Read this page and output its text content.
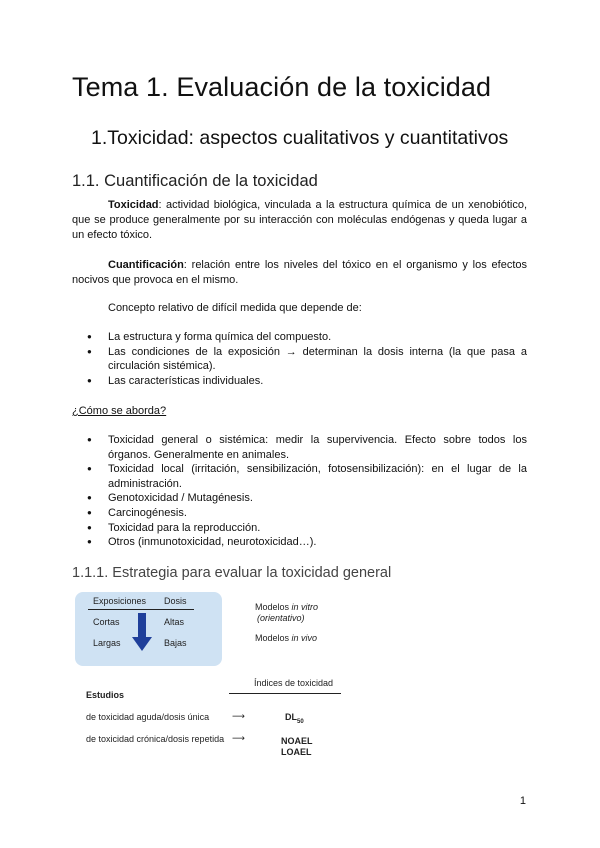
Tema 1. Evaluación de la toxicidad
1.Toxicidad: aspectos cualitativos y cuantitativos
1.1. Cuantificación de la toxicidad
Toxicidad: actividad biológica, vinculada a la estructura química de un xenobiótico, que se produce generalmente por su interacción con moléculas endógenas y queda lugar a un efecto tóxico.
Cuantificación: relación entre los niveles del tóxico en el organismo y los efectos nocivos que provoca en el mismo.
Concepto relativo de difícil medida que depende de:
● La estructura y forma química del compuesto.
● Las condiciones de la exposición → determinan la dosis interna (la que pasa a circulación sistémica).
● Las características individuales.
¿Cómo se aborda?
● Toxicidad general o sistémica: medir la supervivencia. Efecto sobre todos los órganos. Generalmente en animales.
● Toxicidad local (irritación, sensibilización, fotosensibilización): en el lugar de la administración.
● Genotoxicidad / Mutagénesis.
● Carcinogénesis.
● Toxicidad para la reproducción.
● Otros (inmunotoxicidad, neurotoxicidad…).
1.1.1. Estrategia para evaluar la toxicidad general
Exposiciones Dosis
Cortas	Altas
Largas	Bajas
Modelos in vitro
(orientativo)
Modelos in vivo
Índices de toxicidad
Estudios
de toxicidad aguda/dosis única	⟶	$DL_{50}$
de toxicidad crónica/dosis repetida ⟶	NOAEL
LOAEL
1
